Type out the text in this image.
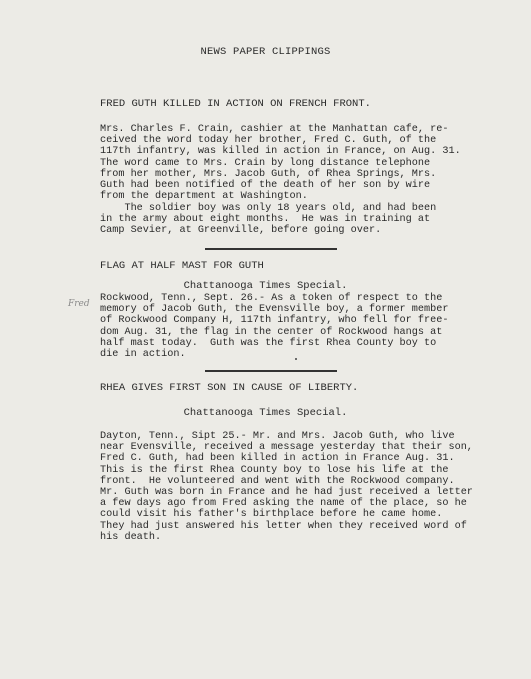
NEWS PAPER CLIPPINGS
FRED GUTH KILLED IN ACTION ON FRENCH FRONT.
Mrs. Charles F. Crain, cashier at the Manhattan cafe, re-
ceived the word today her brother, Fred C. Guth, of the
117th infantry, was killed in action in France, on Aug. 31.
The word came to Mrs. Crain by long distance telephone
from her mother, Mrs. Jacob Guth, of Rhea Springs, Mrs.
Guth had been notified of the death of her son by wire
from the department at Washington.
The soldier boy was only 18 years old, and had been
in the army about eight months.  He was in training at
Camp Sevier, at Greenville, before going over.
FLAG AT HALF MAST FOR GUTH
Chattanooga Times Special.
Fred Rockwood, Tenn., Sept. 26.- As a token of respect to the
memory of Jacob Guth, the Evensville boy, a former member
of Rockwood Company H, 117th infantry, who fell for free-
dom Aug. 31, the flag in the center of Rockwood hangs at
half mast today.  Guth was the first Rhea County boy to
die in action.
RHEA GIVES FIRST SON IN CAUSE OF LIBERTY.
Chattanooga Times Special.
Dayton, Tenn., Sipt 25.- Mr. and Mrs. Jacob Guth, who live
near Evensville, received a message yesterday that their son,
Fred C. Guth, had been killed in action in France Aug. 31.
This is the first Rhea County boy to lose his life at the
front.  He volunteered and went with the Rockwood company.
Mr. Guth was born in France and he had just received a letter
a few days ago from Fred asking the name of the place, so he
could visit his father's birthplace before he came home.
They had just answered his letter when they received word of
his death.
